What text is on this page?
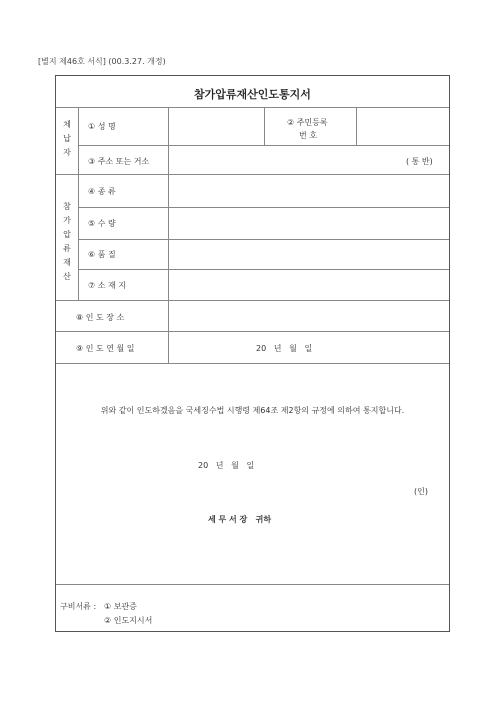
[별지 제46호 서식] (00.3.27. 개정)
참가압류재산인도통지서
체
납
자
① 성 명	② 주민등록
번 호
③ 주소 또는 거소	( 통 반)
참
가
압
류
재
산
④ 종 류
⑤ 수 량
⑥ 품 질
⑦ 소 재 지
⑧ 인 도 장 소
⑨ 인 도 연 월 일	20   년   월   일
위와 같이 인도하겠음을 국세징수법 시행령 제64조 제2항의 규정에 의하여 통지합니다.
20   년   월   일
(인)
세 무 서 장   귀하
구비서류 : ① 보관증
② 인도지시서
